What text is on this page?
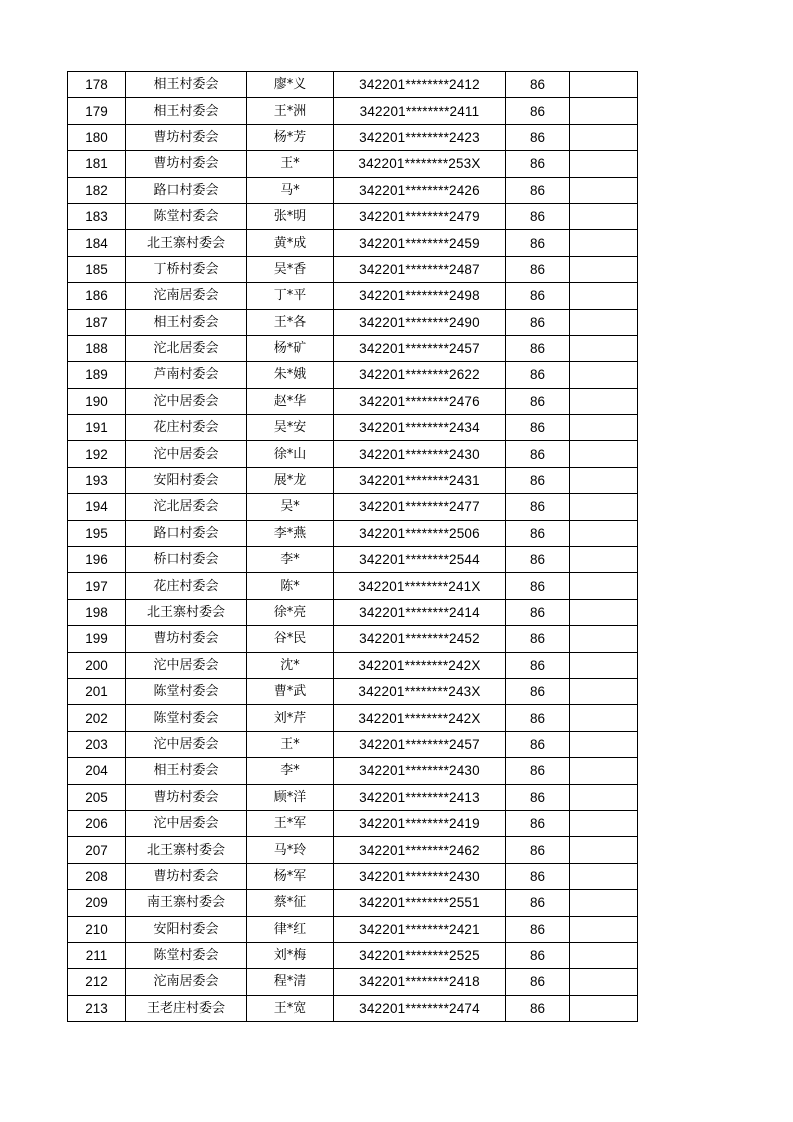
178	相王村委会	廖*义	342201********2412	86	
179	相王村委会	王*洲	342201********2411	86	
180	曹坊村委会	杨*芳	342201********2423	86	
181	曹坊村委会	王*	342201********253X	86	
182	路口村委会	马*	342201********2426	86	
183	陈堂村委会	张*明	342201********2479	86	
184	北王寨村委会	黄*成	342201********2459	86	
185	丁桥村委会	吴*香	342201********2487	86	
186	沱南居委会	丁*平	342201********2498	86	
187	相王村委会	王*各	342201********2490	86	
188	沱北居委会	杨*矿	342201********2457	86	
189	芦南村委会	朱*娥	342201********2622	86	
190	沱中居委会	赵*华	342201********2476	86	
191	花庄村委会	吴*安	342201********2434	86	
192	沱中居委会	徐*山	342201********2430	86	
193	安阳村委会	展*龙	342201********2431	86	
194	沱北居委会	吴*	342201********2477	86	
195	路口村委会	李*燕	342201********2506	86	
196	桥口村委会	李*	342201********2544	86	
197	花庄村委会	陈*	342201********241X	86	
198	北王寨村委会	徐*亮	342201********2414	86	
199	曹坊村委会	谷*民	342201********2452	86	
200	沱中居委会	沈*	342201********242X	86	
201	陈堂村委会	曹*武	342201********243X	86	
202	陈堂村委会	刘*芹	342201********242X	86	
203	沱中居委会	王*	342201********2457	86	
204	相王村委会	李*	342201********2430	86	
205	曹坊村委会	顾*洋	342201********2413	86	
206	沱中居委会	王*军	342201********2419	86	
207	北王寨村委会	马*玲	342201********2462	86	
208	曹坊村委会	杨*军	342201********2430	86	
209	南王寨村委会	蔡*征	342201********2551	86	
210	安阳村委会	律*红	342201********2421	86	
211	陈堂村委会	刘*梅	342201********2525	86	
212	沱南居委会	程*清	342201********2418	86	
213	王老庄村委会	王*宽	342201********2474	86	
